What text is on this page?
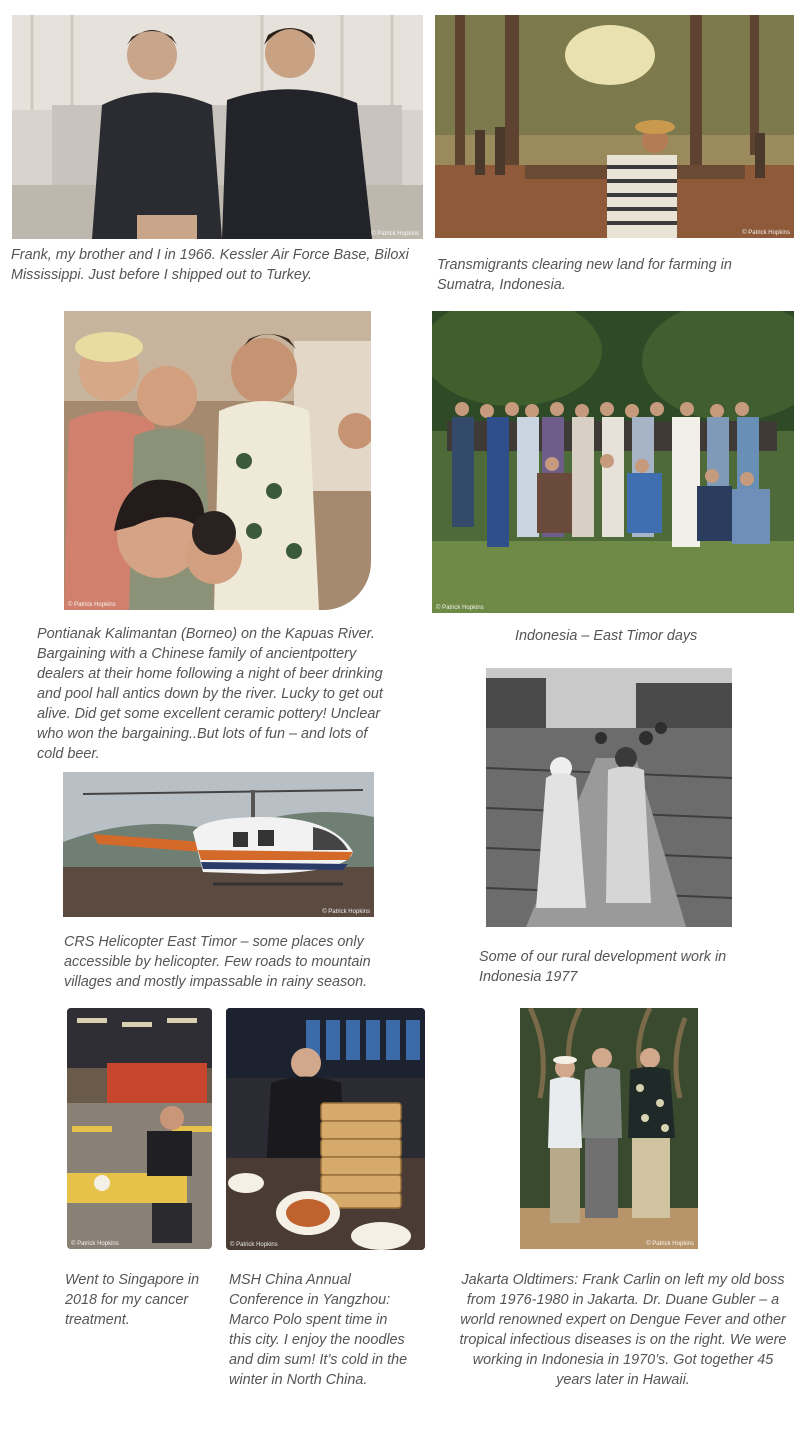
© Patrick Hopkins
Frank, my brother and I in 1966. Kessler Air Force Base, Biloxi Mississippi. Just before I shipped out to Turkey.
© Patrick Hopkins
Transmigrants clearing new land for farming in Sumatra, Indonesia.
© Patrick Hopkins
Pontianak Kalimantan (Borneo) on the Kapuas River. Bargaining with a Chinese family of ancientpottery dealers at their home following a night of beer drinking and pool hall antics down by the river. Lucky to get out alive. Did get some excellent ceramic pottery! Unclear who won the bargaining..But lots of fun – and lots of cold beer.
© Patrick Hopkins
Indonesia – East Timor days
Some of our rural development work in Indonesia 1977
© Patrick Hopkins
CRS Helicopter East Timor – some places only accessible by helicopter. Few roads to mountain villages and mostly impassable in rainy season.
© Patrick Hopkins
Went to Singapore in 2018 for my cancer treatment.
© Patrick Hopkins
MSH China Annual Conference in Yangzhou: Marco Polo spent time in this city. I enjoy the noodles and dim sum! It’s cold in the winter in North China.
© Patrick Hopkins
Jakarta Oldtimers: Frank Carlin on left my old boss from 1976-1980 in Jakarta. Dr. Duane Gubler – a world renowned expert on Dengue Fever and other tropical infectious diseases is on the right. We were working in Indonesia in 1970’s. Got together 45 years later in Hawaii.
